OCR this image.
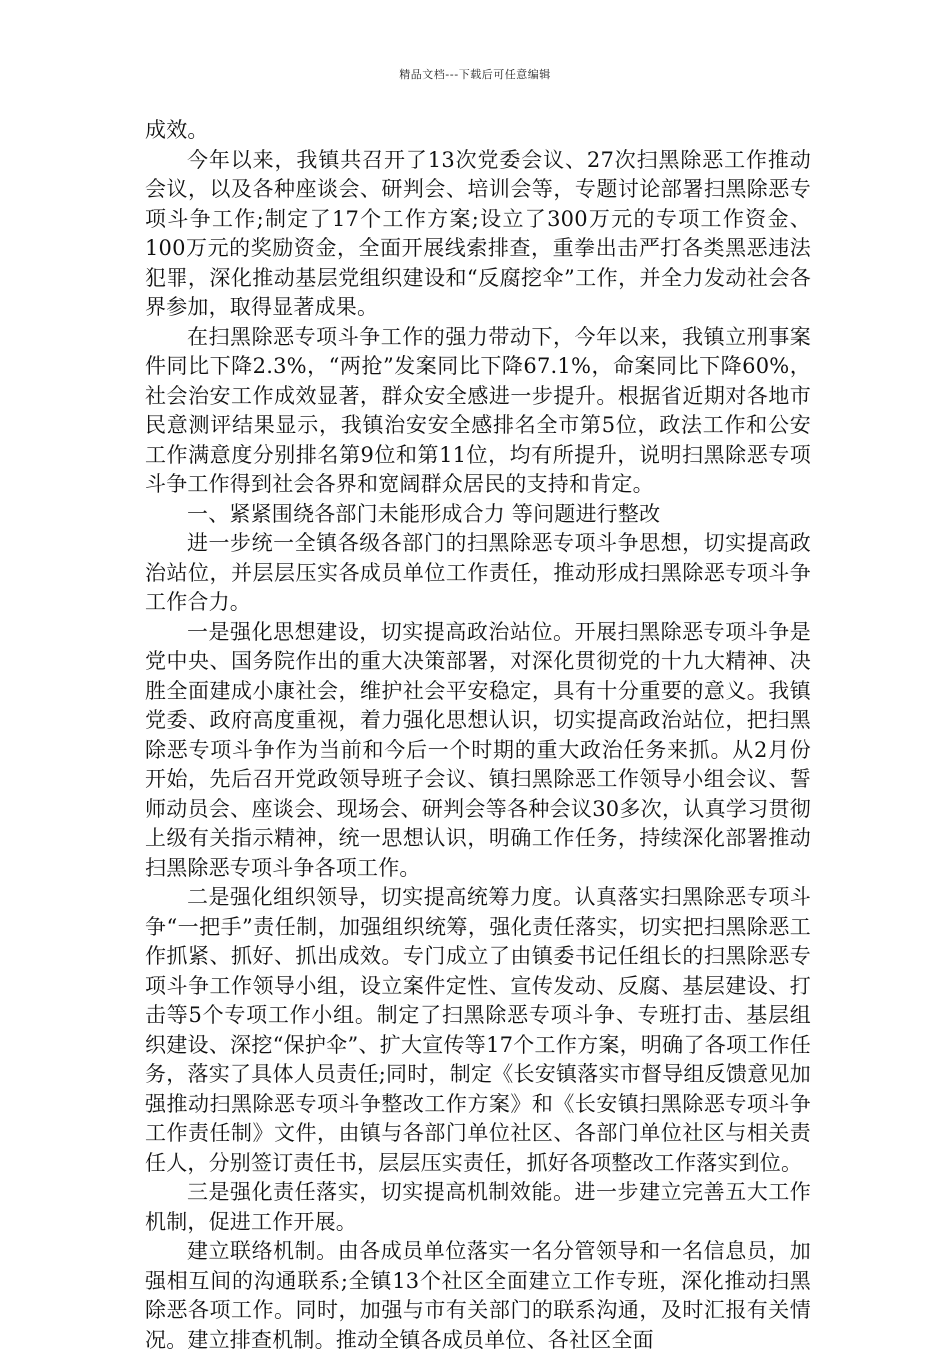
精品文档---下载后可任意编辑

成效。

今年以来，我镇共召开了13次党委会议、27次扫黑除恶工作推动会议，以及各种座谈会、研判会、培训会等，专题讨论部署扫黑除恶专项斗争工作;制定了17个工作方案;设立了300万元的专项工作资金、100万元的奖励资金，全面开展线索排查，重拳出击严打各类黑恶违法犯罪，深化推动基层党组织建设和“反腐挖伞”工作，并全力发动社会各界参加，取得显著成果。

在扫黑除恶专项斗争工作的强力带动下，今年以来，我镇立刑事案件同比下降2.3%，“两抢”发案同比下降67.1%，命案同比下降60%，社会治安工作成效显著，群众安全感进一步提升。根据省近期对各地市民意测评结果显示，我镇治安安全感排名全市第5位，政法工作和公安工作满意度分别排名第9位和第11位，均有所提升，说明扫黑除恶专项斗争工作得到社会各界和宽阔群众居民的支持和肯定。

一、紧紧围绕各部门未能形成合力 等问题进行整改

进一步统一全镇各级各部门的扫黑除恶专项斗争思想，切实提高政治站位，并层层压实各成员单位工作责任，推动形成扫黑除恶专项斗争工作合力。

一是强化思想建设，切实提高政治站位。开展扫黑除恶专项斗争是党中央、国务院作出的重大决策部署，对深化贯彻党的十九大精神、决胜全面建成小康社会，维护社会平安稳定，具有十分重要的意义。我镇党委、政府高度重视，着力强化思想认识，切实提高政治站位，把扫黑除恶专项斗争作为当前和今后一个时期的重大政治任务来抓。从2月份开始，先后召开党政领导班子会议、镇扫黑除恶工作领导小组会议、誓师动员会、座谈会、现场会、研判会等各种会议30多次，认真学习贯彻上级有关指示精神，统一思想认识，明确工作任务，持续深化部署推动扫黑除恶专项斗争各项工作。

二是强化组织领导，切实提高统筹力度。认真落实扫黑除恶专项斗争“一把手”责任制，加强组织统筹，强化责任落实，切实把扫黑除恶工作抓紧、抓好、抓出成效。专门成立了由镇委书记任组长的扫黑除恶专项斗争工作领导小组，设立案件定性、宣传发动、反腐、基层建设、打击等5个专项工作小组。制定了扫黑除恶专项斗争、专班打击、基层组织建设、深挖“保护伞”、扩大宣传等17个工作方案，明确了各项工作任务，落实了具体人员责任;同时，制定《长安镇落实市督导组反馈意见加强推动扫黑除恶专项斗争整改工作方案》和《长安镇扫黑除恶专项斗争工作责任制》文件，由镇与各部门单位社区、各部门单位社区与相关责任人，分别签订责任书，层层压实责任，抓好各项整改工作落实到位。

三是强化责任落实，切实提高机制效能。进一步建立完善五大工作机制，促进工作开展。

建立联络机制。由各成员单位落实一名分管领导和一名信息员，加强相互间的沟通联系;全镇13个社区全面建立工作专班，深化推动扫黑除恶各项工作。同时，加强与市有关部门的联系沟通，及时汇报有关情况。建立排查机制。推动全镇各成员单位、各社区全面
